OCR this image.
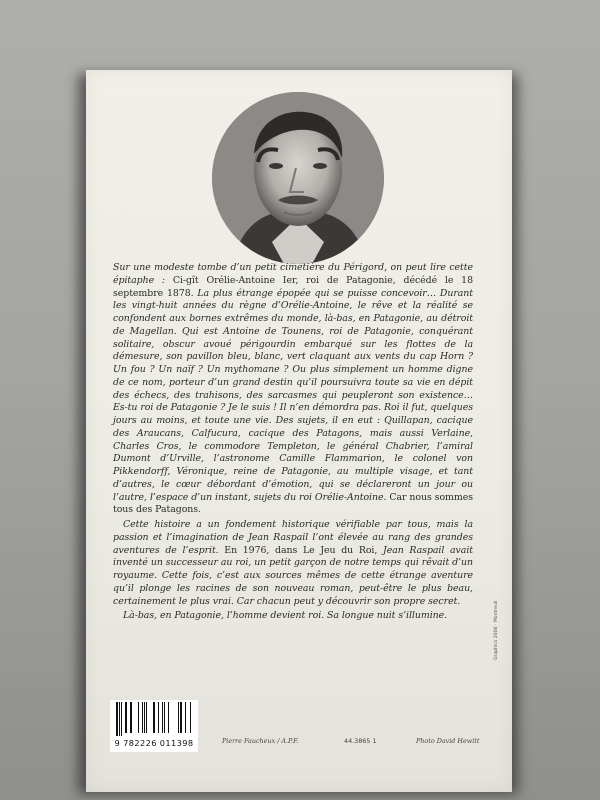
Sur une modeste tombe d’un petit cimetière du Périgord, on peut lire cette épitaphe : Ci-gît Orélie-Antoine Ier, roi de Patagonie, décédé le 18 septembre 1878. La plus étrange épopée qui se puisse concevoir… Durant les vingt-huit années du règne d’Orélie-Antoine, le rêve et la réalité se confondent aux bornes extrêmes du monde, là-bas, en Patagonie, au détroit de Magellan. Qui est Antoine de Tounens, roi de Patagonie, conquérant solitaire, obscur avoué périgourdin embarqué sur les flottes de la démesure, son pavillon bleu, blanc, vert claquant aux vents du cap Horn ? Un fou ? Un naïf ? Un mythomane ? Ou plus simplement un homme digne de ce nom, porteur d’un grand destin qu’il poursuivra toute sa vie en dépit des échecs, des trahisons, des sarcasmes qui peupleront son existence… Es-tu roi de Patagonie ? Je le suis ! Il n’en démordra pas. Roi il fut, quelques jours au moins, et toute une vie. Des sujets, il en eut : Quillapan, cacique des Araucans, Calfucura, cacique des Patagons, mais aussi Verlaine, Charles Cros, le commodore Templeton, le général Chabrier, l’amiral Dumont d’Urville, l’astronome Camille Flammarion, le colonel von Pikkendorff, Véronique, reine de Patagonie, au multiple visage, et tant d’autres, le cœur débordant d’émotion, qui se déclareront un jour ou l’autre, l’espace d’un instant, sujets du roi Orélie-Antoine. Car nous sommes tous des Patagons.

Cette histoire a un fondement historique vérifiable par tous, mais la passion et l’imagination de Jean Raspail l’ont élevée au rang des grandes aventures de l’esprit. En 1976, dans Le Jeu du Roi, Jean Raspail avait inventé un successeur au roi, un petit garçon de notre temps qui rêvait d’un royaume. Cette fois, c’est aux sources mêmes de cette étrange aventure qu’il plonge les racines de son nouveau roman, peut-être le plus beau, certainement le plus vrai. Car chacun peut y découvrir son propre secret.

Là-bas, en Patagonie, l’homme devient roi. Sa longue nuit s’illumine.

9 782226 011398	Pierre Faucheux / A.P.F.	44.3865 1	Photo David Hewitt
Graphics 2006 · Montreuil
